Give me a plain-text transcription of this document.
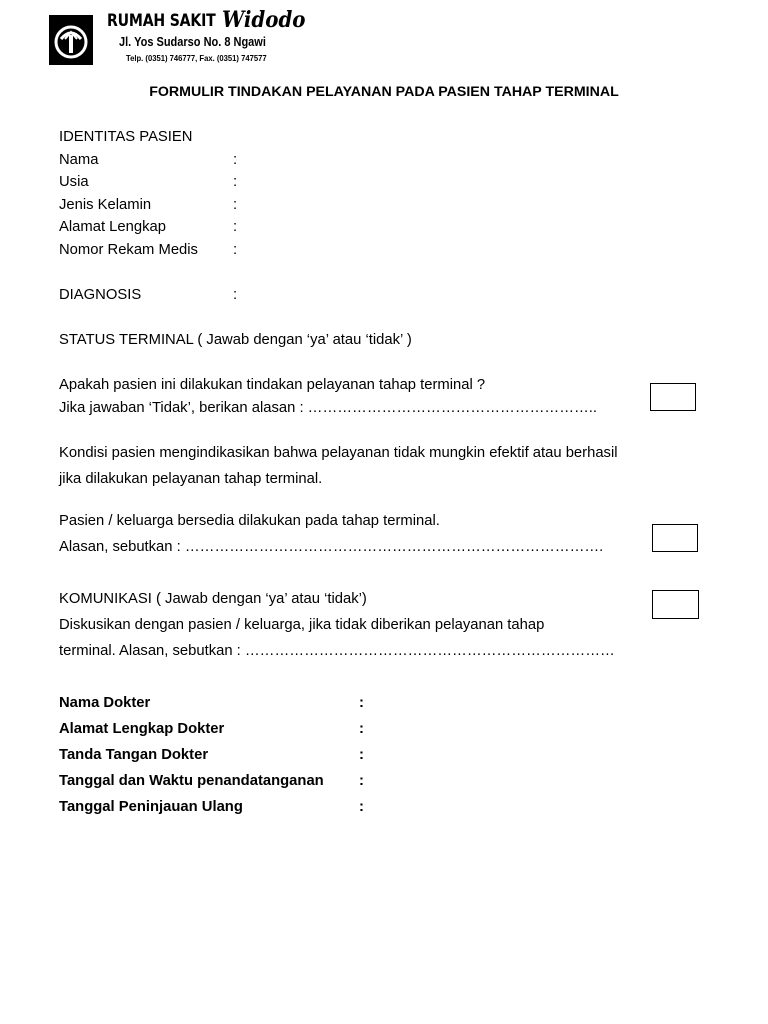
RUMAH SAKIT Widodo
Jl. Yos Sudarso No. 8 Ngawi
Telp. (0351) 746777, Fax. (0351) 747577
FORMULIR TINDAKAN PELAYANAN PADA PASIEN TAHAP TERMINAL
IDENTITAS PASIEN
Nama	:
Usia	:
Jenis Kelamin	:
Alamat Lengkap	:
Nomor Rekam Medis :
DIAGNOSIS	:
STATUS TERMINAL ( Jawab dengan ‘ya’ atau ‘tidak’ )
Apakah pasien ini dilakukan tindakan pelayanan tahap terminal ?
Jika jawaban ‘Tidak’, berikan alasan : …………………………………………………..
Kondisi pasien mengindikasikan bahwa pelayanan tidak mungkin efektif atau berhasil
jika dilakukan pelayanan tahap terminal.
Pasien / keluarga bersedia dilakukan pada tahap terminal.
Alasan, sebutkan : ………………………………………………………………………….
KOMUNIKASI ( Jawab dengan ‘ya’ atau ‘tidak’)
Diskusikan dengan pasien / keluarga, jika tidak diberikan pelayanan tahap
terminal. Alasan, sebutkan : …………………………………………………………………
Nama Dokter	:
Alamat Lengkap Dokter	:
Tanda Tangan Dokter	:
Tanggal dan Waktu penandatanganan :
Tanggal Peninjauan Ulang	:
